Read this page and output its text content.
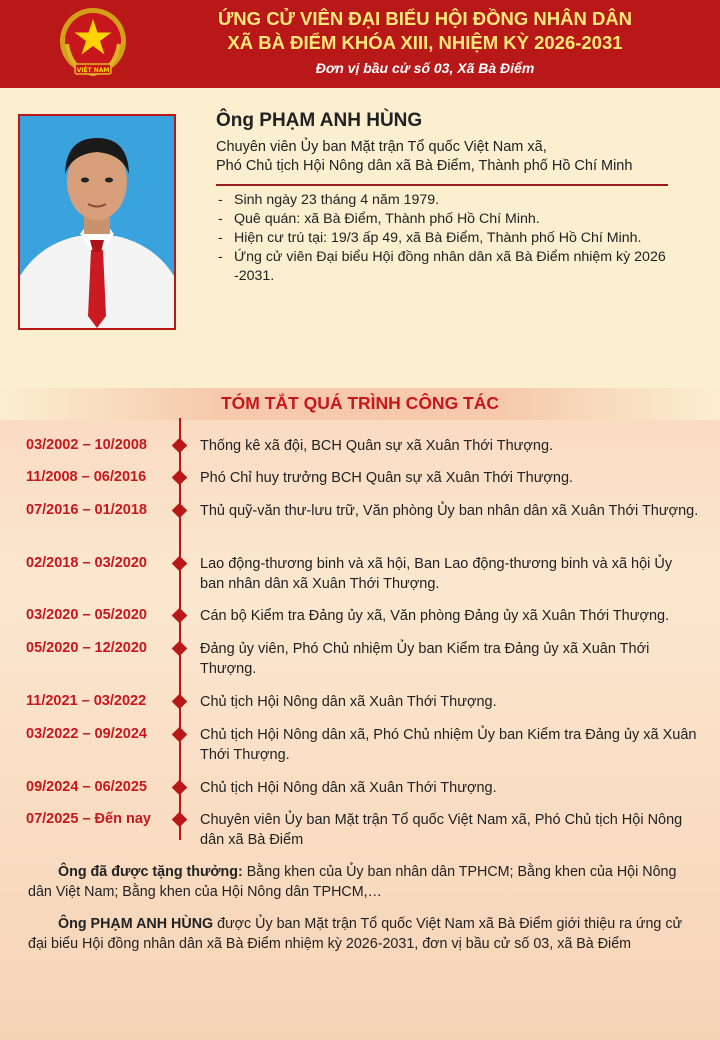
VIỆT NAM
ỨNG CỬ VIÊN ĐẠI BIỂU HỘI ĐỒNG NHÂN DÂN
XÃ BÀ ĐIỂM KHÓA XIII, NHIỆM KỲ 2026-2031
Đơn vị bầu cử số 03, Xã Bà Điểm
Ông PHẠM ANH HÙNG
Chuyên viên Ủy ban Mặt trận Tổ quốc Việt Nam xã,
Phó Chủ tịch Hội Nông dân xã Bà Điểm, Thành phố Hồ Chí Minh
- Sinh ngày 23 tháng 4 năm 1979.
- Quê quán: xã Bà Điểm, Thành phố Hồ Chí Minh.
- Hiện cư trú tại: 19/3 ấp 49, xã Bà Điểm, Thành phố Hồ Chí Minh.
- Ứng cử viên Đại biểu Hội đồng nhân dân xã Bà Điểm nhiệm kỳ 2026 -2031.
TÓM TẮT QUÁ TRÌNH CÔNG TÁC
03/2002 – 10/2008	Thống kê xã đội, BCH Quân sự xã Xuân Thới Thượng.
11/2008 – 06/2016	Phó Chỉ huy trưởng BCH Quân sự xã Xuân Thới Thượng.
07/2016 – 01/2018	Thủ quỹ-văn thư-lưu trữ, Văn phòng Ủy ban nhân dân xã Xuân Thới Thượng.
02/2018 – 03/2020	Lao động-thương binh và xã hội, Ban Lao động-thương binh và xã hội Ủy ban nhân dân xã Xuân Thới Thượng.
03/2020 – 05/2020	Cán bộ Kiểm tra Đảng ủy xã, Văn phòng Đảng ủy xã Xuân Thới Thượng.
05/2020 – 12/2020	Đảng ủy viên, Phó Chủ nhiệm Ủy ban Kiểm tra Đảng ủy xã Xuân Thới Thượng.
11/2021 – 03/2022	Chủ tịch Hội Nông dân xã Xuân Thới Thượng.
03/2022 – 09/2024	Chủ tịch Hội Nông dân xã, Phó Chủ nhiệm Ủy ban Kiểm tra Đảng ủy xã Xuân Thới Thượng.
09/2024 – 06/2025	Chủ tịch Hội Nông dân xã Xuân Thới Thượng.
07/2025 – Đến nay	Chuyên viên Ủy ban Mặt trận Tổ quốc Việt Nam xã, Phó Chủ tịch Hội Nông dân xã Bà Điểm

Ông đã được tặng thưởng: Bằng khen của Ủy ban nhân dân TPHCM; Bằng khen của Hội Nông dân Việt Nam; Bằng khen của Hội Nông dân TPHCM,…

Ông PHẠM ANH HÙNG được Ủy ban Mặt trận Tổ quốc Việt Nam xã Bà Điểm giới thiệu ra ứng cử đại biểu Hội đồng nhân dân xã Bà Điểm nhiệm kỳ 2026-2031, đơn vị bầu cử số 03, xã Bà Điểm
